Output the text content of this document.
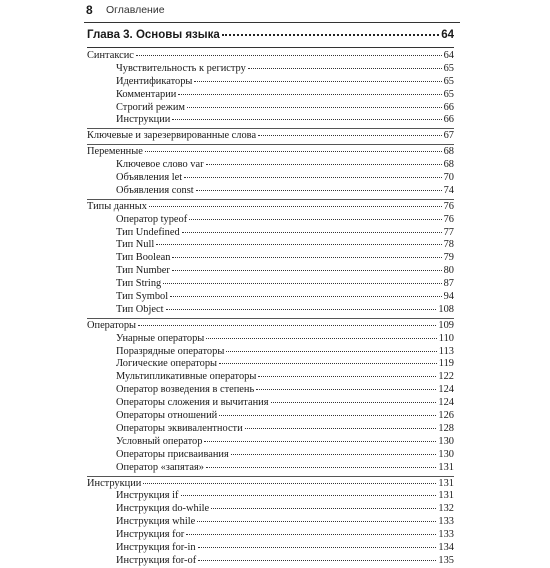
8 Оглавление
Глава 3. Основы языка	64
Синтаксис	64
Чувствительность к регистру	65
Идентификаторы	65
Комментарии	65
Строгий режим	66
Инструкции	66
Ключевые и зарезервированные слова	67
Переменные	68
Ключевое слово var	68
Объявления let	70
Объявления const	74
Типы данных	76
Оператор typeof	76
Тип Undefined	77
Тип Null	78
Тип Boolean	79
Тип Number	80
Тип String	87
Тип Symbol	94
Тип Object	108
Операторы	109
Унарные операторы	110
Поразрядные операторы	113
Логические операторы	119
Мультипликативные операторы	122
Оператор возведения в степень	124
Операторы сложения и вычитания	124
Операторы отношений	126
Операторы эквивалентности	128
Условный оператор	130
Операторы присваивания	130
Оператор «запятая»	131
Инструкции	131
Инструкция if	131
Инструкция do-while	132
Инструкция while	133
Инструкция for	133
Инструкция for-in	134
Инструкция for-of	135
